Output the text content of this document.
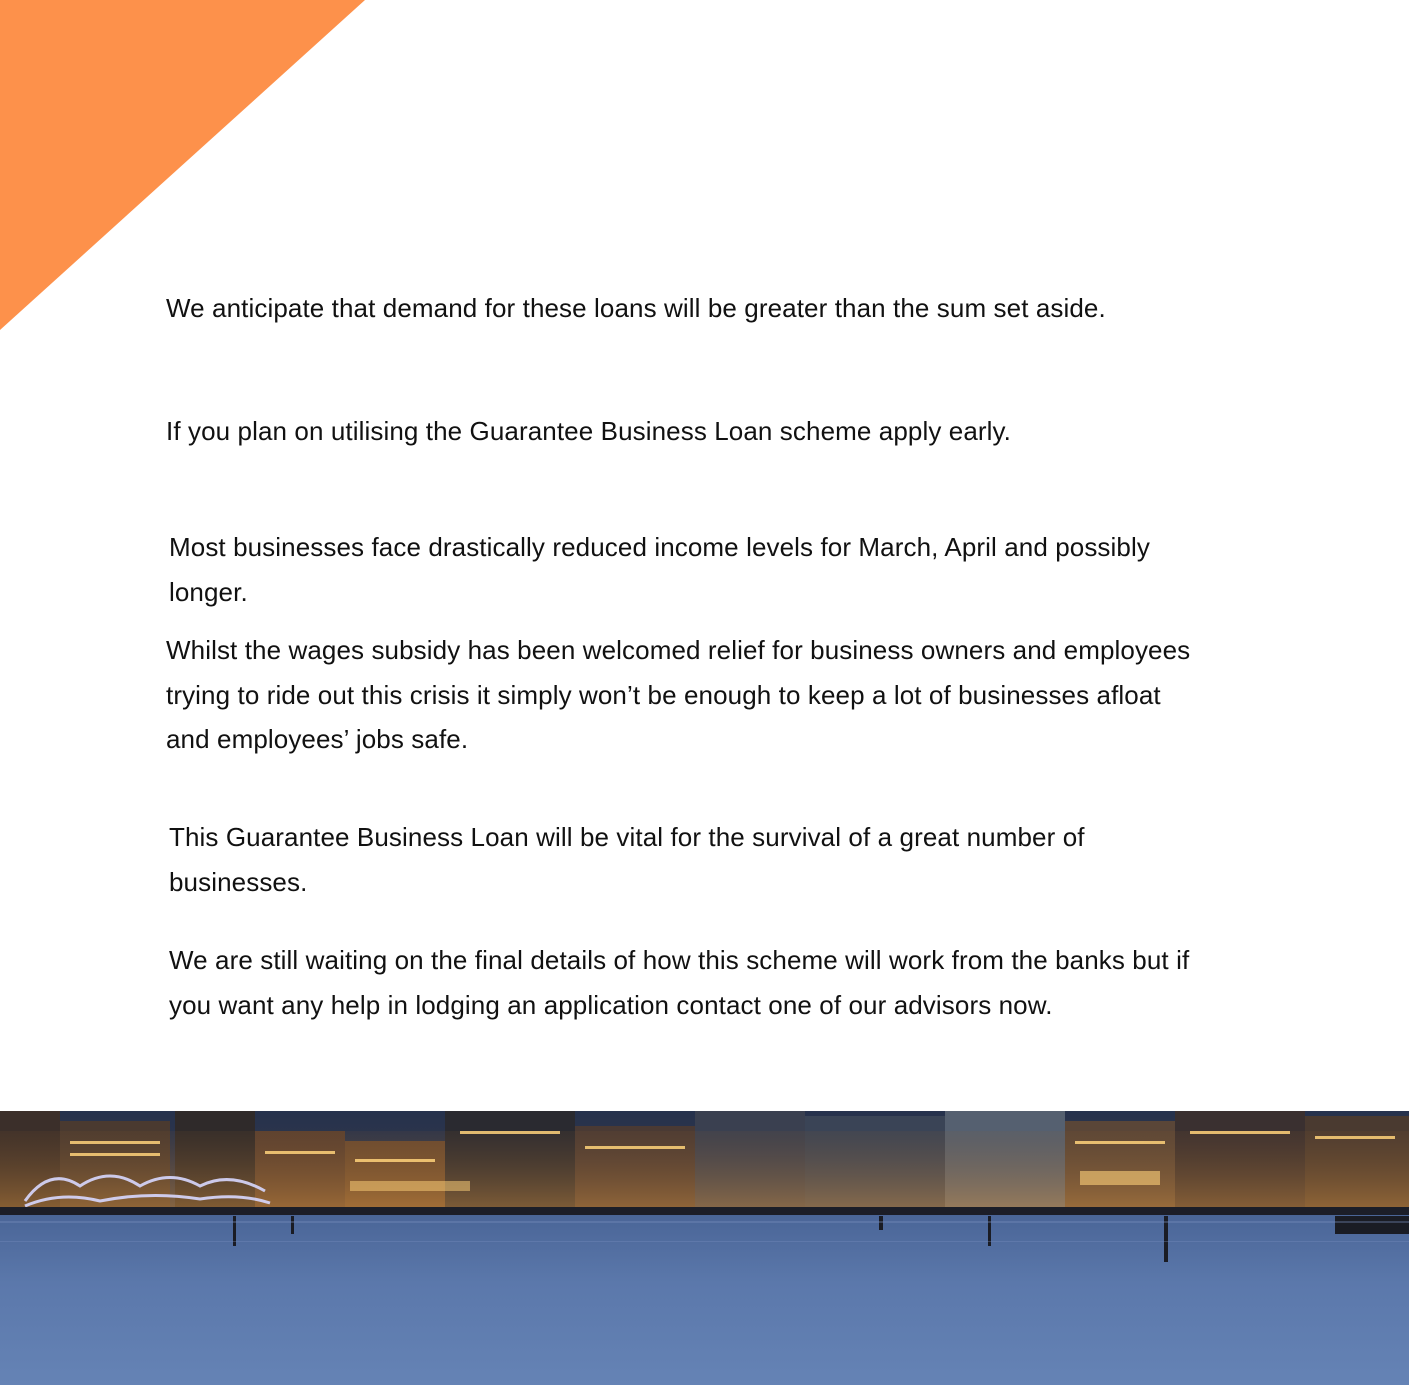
We anticipate that demand for these loans will be greater than the sum set aside.

If you plan on utilising the Guarantee Business Loan scheme apply early.

Most businesses face drastically reduced income levels for March, April and possibly
longer.

Whilst the wages subsidy has been welcomed relief for business owners and employees
trying to ride out this crisis it simply won’t be enough to keep a lot of businesses afloat
and employees’ jobs safe.

This Guarantee Business Loan will be vital for the survival of a great number of
businesses.

We are still waiting on the final details of how this scheme will work from the banks but if
you want any help in lodging an application contact one of our advisors now.
